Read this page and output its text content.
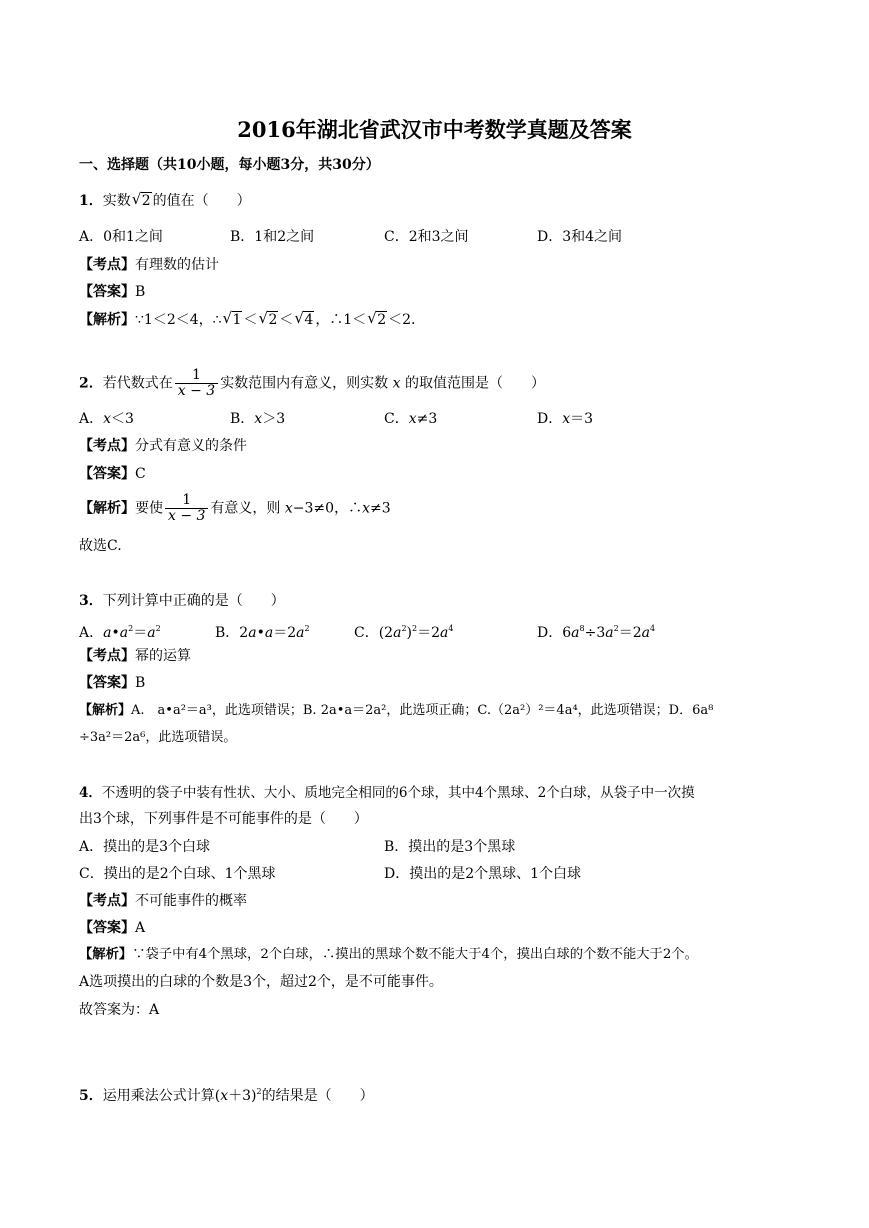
2016年湖北省武汉市中考数学真题及答案
一、选择题（共10小题，每小题3分，共30分）
1．实数 √ 2 的值在（　　）
A．0和1之间	B．1和2之间	C．2和3之间	D．3和4之间
【考点】有理数的估计
【答案】B
【解析】∵1＜2＜4，∴ √ 1 ＜ √ 2 ＜ √ 4 ，∴1＜ √ 2 ＜2．
2．若代数式在 $\frac{1}{x - 3}$ 实数范围内有意义，则实数 x 的取值范围是（　　）
A．x＜3	B．x＞3	C．x≠3	D．x＝3
【考点】分式有意义的条件
【答案】C
【解析】要使 $\frac{1}{x - 3}$ 有意义，则 x−3≠0，∴x≠3
故选C.
3．下列计算中正确的是（　　）
A．$a•a^2=a^2$	B．$2a•a=2a^2$	C．$(2a^2)^2=2a^4$	D．$6a^8\div 3a^2=2a^4$
【考点】幂的运算
【答案】B
【解析】A.　a•a²＝a³，此选项错误；B. 2a•a＝2a²，此选项正确；C.（2a²）²＝4a⁴，此选项错误；D．6a⁸
÷3a²＝2a⁶，此选项错误。
4．不透明的袋子中装有性状、大小、质地完全相同的6个球，其中4个黑球、2个白球，从袋子中一次摸
出3个球，下列事件是不可能事件的是（　　）
A．摸出的是3个白球	B．摸出的是3个黑球
C．摸出的是2个白球、1个黑球	D．摸出的是2个黑球、1个白球
【考点】不可能事件的概率
【答案】A
【解析】∵袋子中有4个黑球，2个白球，∴摸出的黑球个数不能大于4个，摸出白球的个数不能大于2个。
A选项摸出的白球的个数是3个，超过2个，是不可能事件。
故答案为：A
5．运用乘法公式计算$(x+3)^2$的结果是（　　）
